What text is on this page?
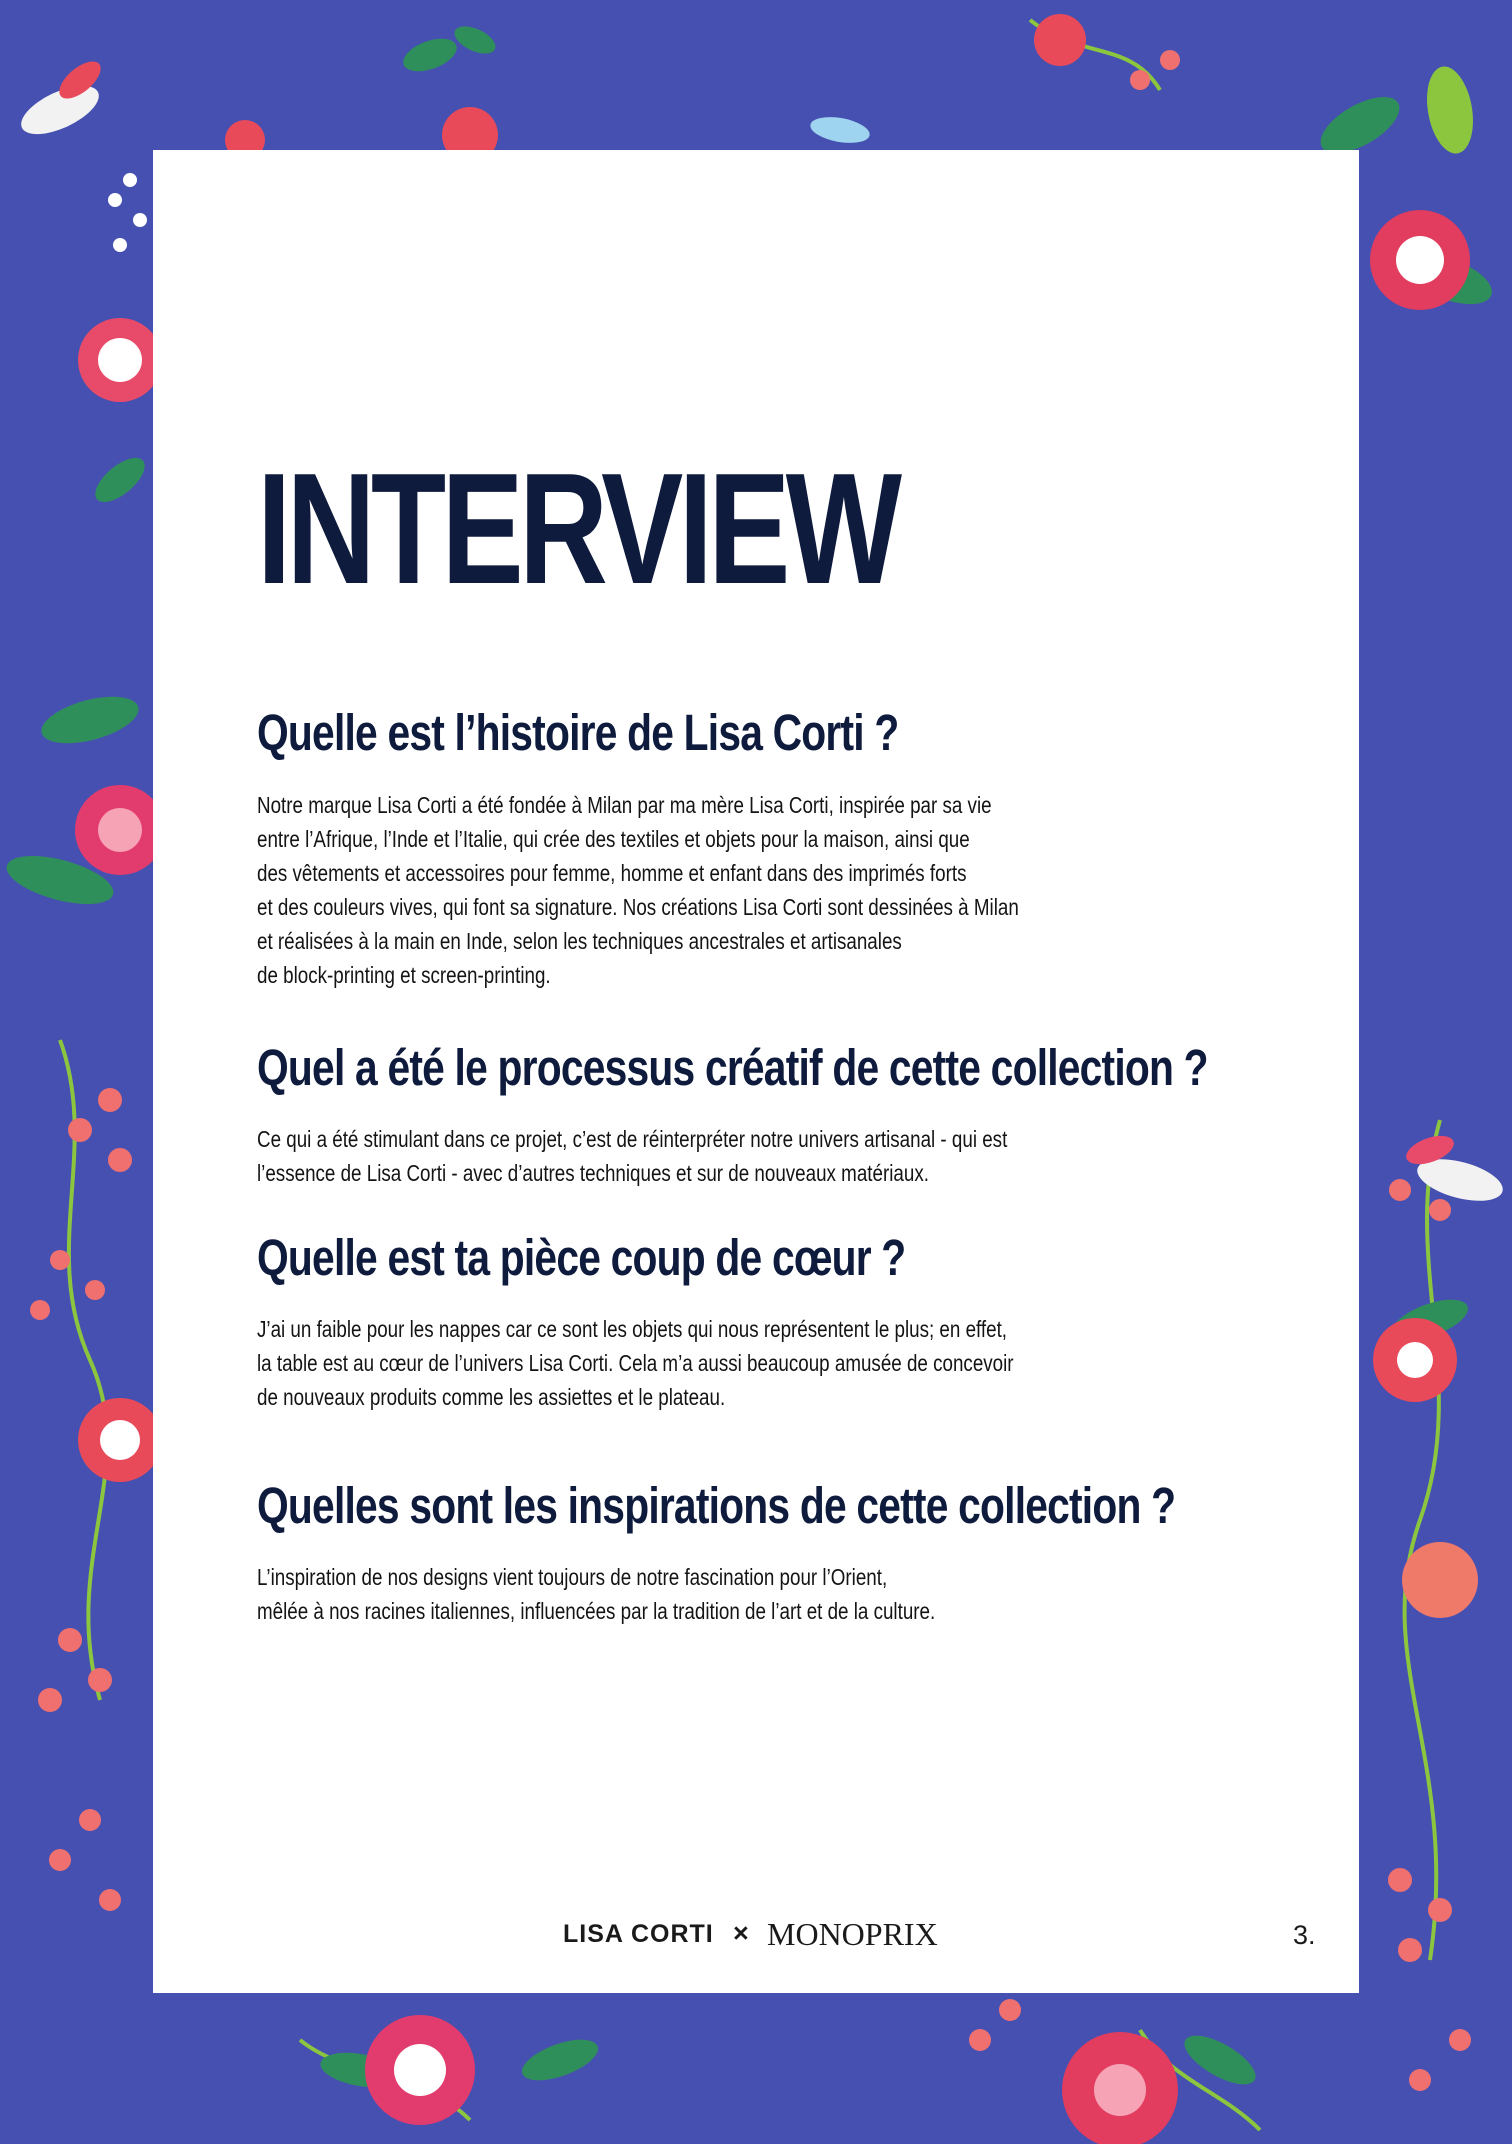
INTERVIEW
Quelle est l’histoire de Lisa Corti ?

Notre marque Lisa Corti a été fondée à Milan par ma mère Lisa Corti, inspirée par sa vie
entre l’Afrique, l’Inde et l’Italie, qui crée des textiles et objets pour la maison, ainsi que
des vêtements et accessoires pour femme, homme et enfant dans des imprimés forts
et des couleurs vives, qui font sa signature. Nos créations Lisa Corti sont dessinées à Milan
et réalisées à la main en Inde, selon les techniques ancestrales et artisanales
de block-printing et screen-printing.

Quel a été le processus créatif de cette collection ?

Ce qui a été stimulant dans ce projet, c’est de réinterpréter notre univers artisanal - qui est
l’essence de Lisa Corti - avec d’autres techniques et sur de nouveaux matériaux.

Quelle est ta pièce coup de cœur ?

J’ai un faible pour les nappes car ce sont les objets qui nous représentent le plus; en effet,
la table est au cœur de l’univers Lisa Corti. Cela m’a aussi beaucoup amusée de concevoir
de nouveaux produits comme les assiettes et le plateau.

Quelles sont les inspirations de cette collection ?

L’inspiration de nos designs vient toujours de notre fascination pour l’Orient,
mêlée à nos racines italiennes, influencées par la tradition de l’art et de la culture.

LISA CORTI × MONOPRIX	3.
